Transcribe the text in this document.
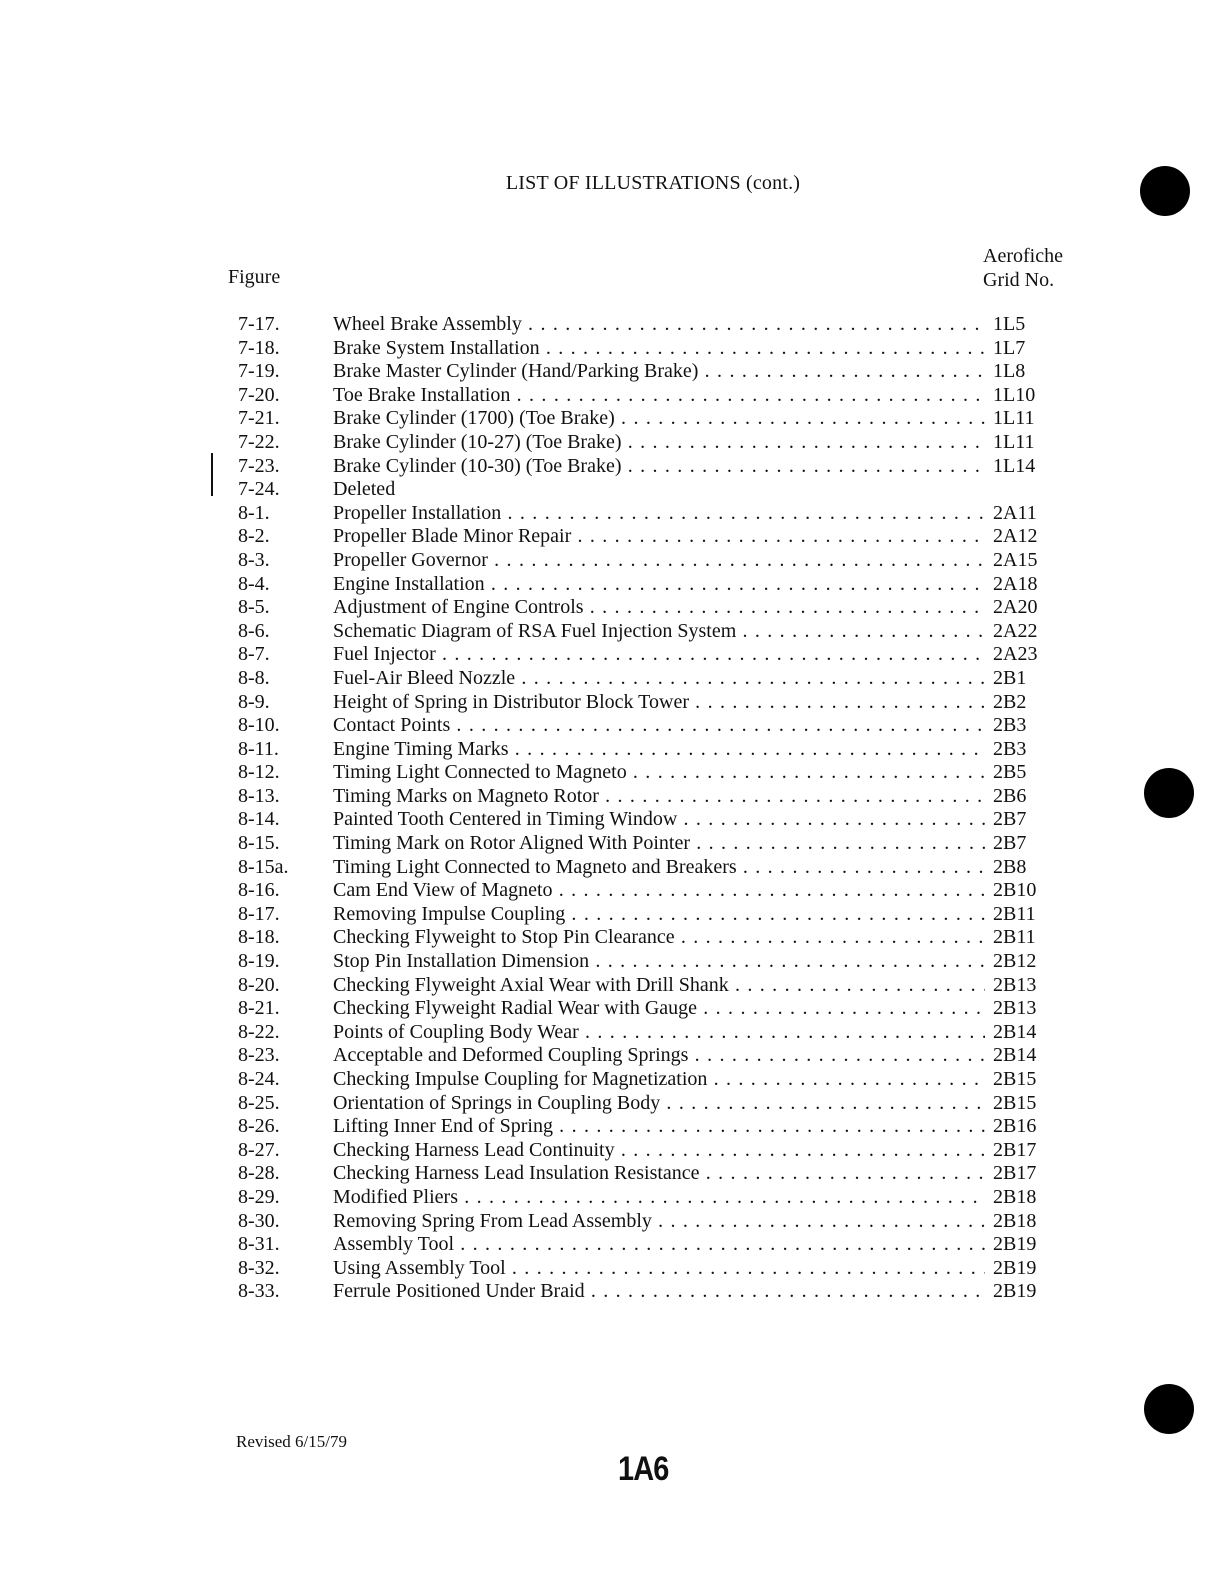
LIST OF ILLUSTRATIONS (cont.)
Figure
Aerofiche
Grid No.
7-17.	Wheel Brake Assembly . . .	1L5
7-18.	Brake System Installation . . .	1L7
7-19.	Brake Master Cylinder (Hand/Parking Brake) . . .	1L8
7-20.	Toe Brake Installation . . .	1L10
7-21.	Brake Cylinder (1700) (Toe Brake) . . .	1L11
7-22.	Brake Cylinder (10-27) (Toe Brake) . . .	1L11
7-23.	Brake Cylinder (10-30) (Toe Brake) . . .	1L14
7-24.	Deleted
8-1.	Propeller Installation . . .	2A11
8-2.	Propeller Blade Minor Repair . . .	2A12
8-3.	Propeller Governor . . .	2A15
8-4.	Engine Installation . . .	2A18
8-5.	Adjustment of Engine Controls . . .	2A20
8-6.	Schematic Diagram of RSA Fuel Injection System . . .	2A22
8-7.	Fuel Injector . . .	2A23
8-8.	Fuel-Air Bleed Nozzle . . .	2B1
8-9.	Height of Spring in Distributor Block Tower . . .	2B2
8-10.	Contact Points . . .	2B3
8-11.	Engine Timing Marks . . .	2B3
8-12.	Timing Light Connected to Magneto . . .	2B5
8-13.	Timing Marks on Magneto Rotor . . .	2B6
8-14.	Painted Tooth Centered in Timing Window . . .	2B7
8-15.	Timing Mark on Rotor Aligned With Pointer . . .	2B7
8-15a. Timing Light Connected to Magneto and Breakers . . .	2B8
8-16.	Cam End View of Magneto . . .	2B10
8-17.	Removing Impulse Coupling . . .	2B11
8-18.	Checking Flyweight to Stop Pin Clearance . . .	2B11
8-19.	Stop Pin Installation Dimension . . .	2B12
8-20.	Checking Flyweight Axial Wear with Drill Shank . . .	2B13
8-21.	Checking Flyweight Radial Wear with Gauge . . .	2B13
8-22.	Points of Coupling Body Wear . . .	2B14
8-23.	Acceptable and Deformed Coupling Springs . . .	2B14
8-24.	Checking Impulse Coupling for Magnetization . . .	2B15
8-25.	Orientation of Springs in Coupling Body . . .	2B15
8-26.	Lifting Inner End of Spring . . .	2B16
8-27.	Checking Harness Lead Continuity . . .	2B17
8-28.	Checking Harness Lead Insulation Resistance . . .	2B17
8-29.	Modified Pliers . . .	2B18
8-30.	Removing Spring From Lead Assembly . . .	2B18
8-31.	Assembly Tool . . .	2B19
8-32.	Using Assembly Tool . . .	2B19
8-33.	Ferrule Positioned Under Braid . . .	2B19
Revised 6/15/79
1A6
